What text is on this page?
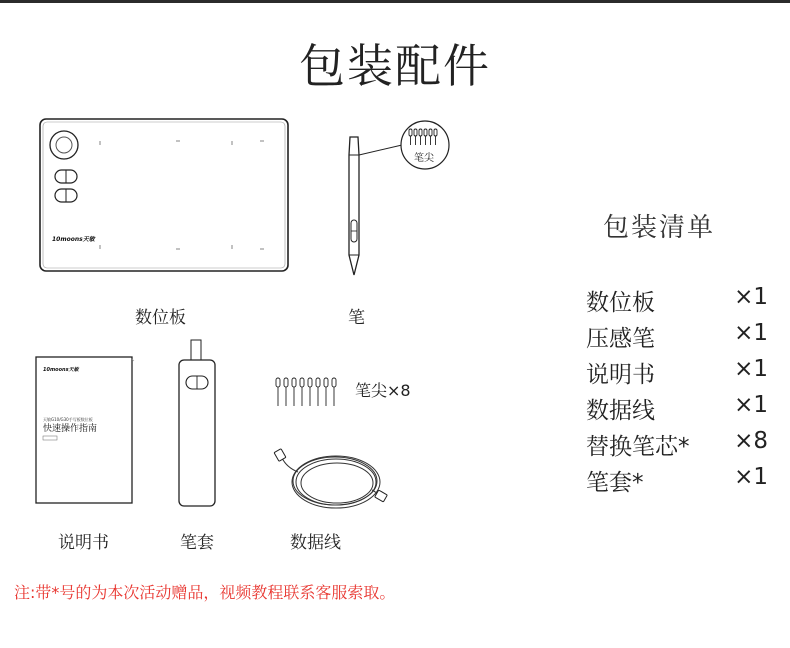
包装配件
10moons天敏
笔尖
数位板	笔
10moons天敏
天敏G10/G30手写板数位板
快速操作指南
笔尖×8
说明书	笔套	数据线
包装清单
数位板	×1
压感笔	×1
说明书	×1
数据线	×1
替换笔芯* ×8
笔套*	×1
注:带*号的为本次活动赠品，视频教程联系客服索取。
